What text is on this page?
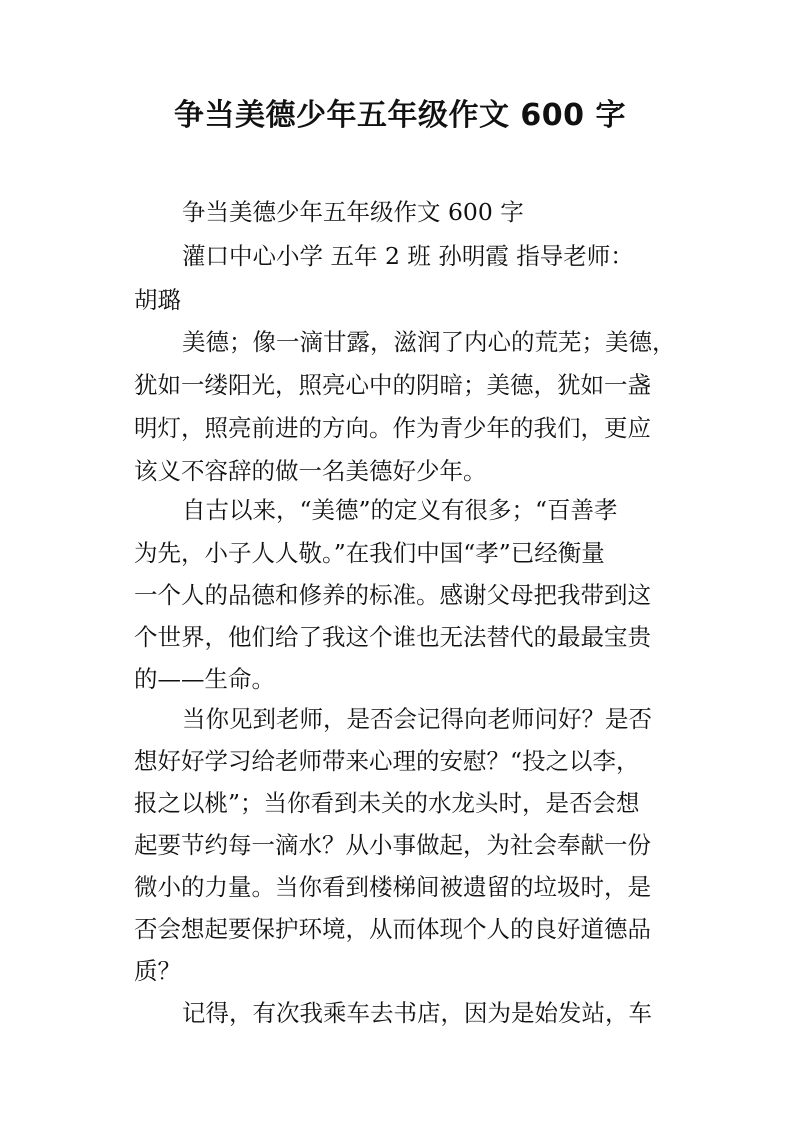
争当美德少年五年级作文 600 字

争当美德少年五年级作文 600 字

灌口中心小学 五年 2 班 孙明霞 指导老师：

胡璐

美德；像一滴甘露，滋润了内心的荒芜；美德，

犹如一缕阳光，照亮心中的阴暗；美德，犹如一盏

明灯，照亮前进的方向。作为青少年的我们，更应

该义不容辞的做一名美德好少年。

自古以来，“美德”的定义有很多；“百善孝

为先，小子人人敬。”在我们中国“孝”已经衡量

一个人的品德和修养的标准。感谢父母把我带到这

个世界，他们给了我这个谁也无法替代的最最宝贵

的——生命。

当你见到老师，是否会记得向老师问好？是否

想好好学习给老师带来心理的安慰？“投之以李，

报之以桃”；当你看到未关的水龙头时，是否会想

起要节约每一滴水？从小事做起，为社会奉献一份

微小的力量。当你看到楼梯间被遗留的垃圾时，是

否会想起要保护环境，从而体现个人的良好道德品

质？

记得，有次我乘车去书店，因为是始发站，车
